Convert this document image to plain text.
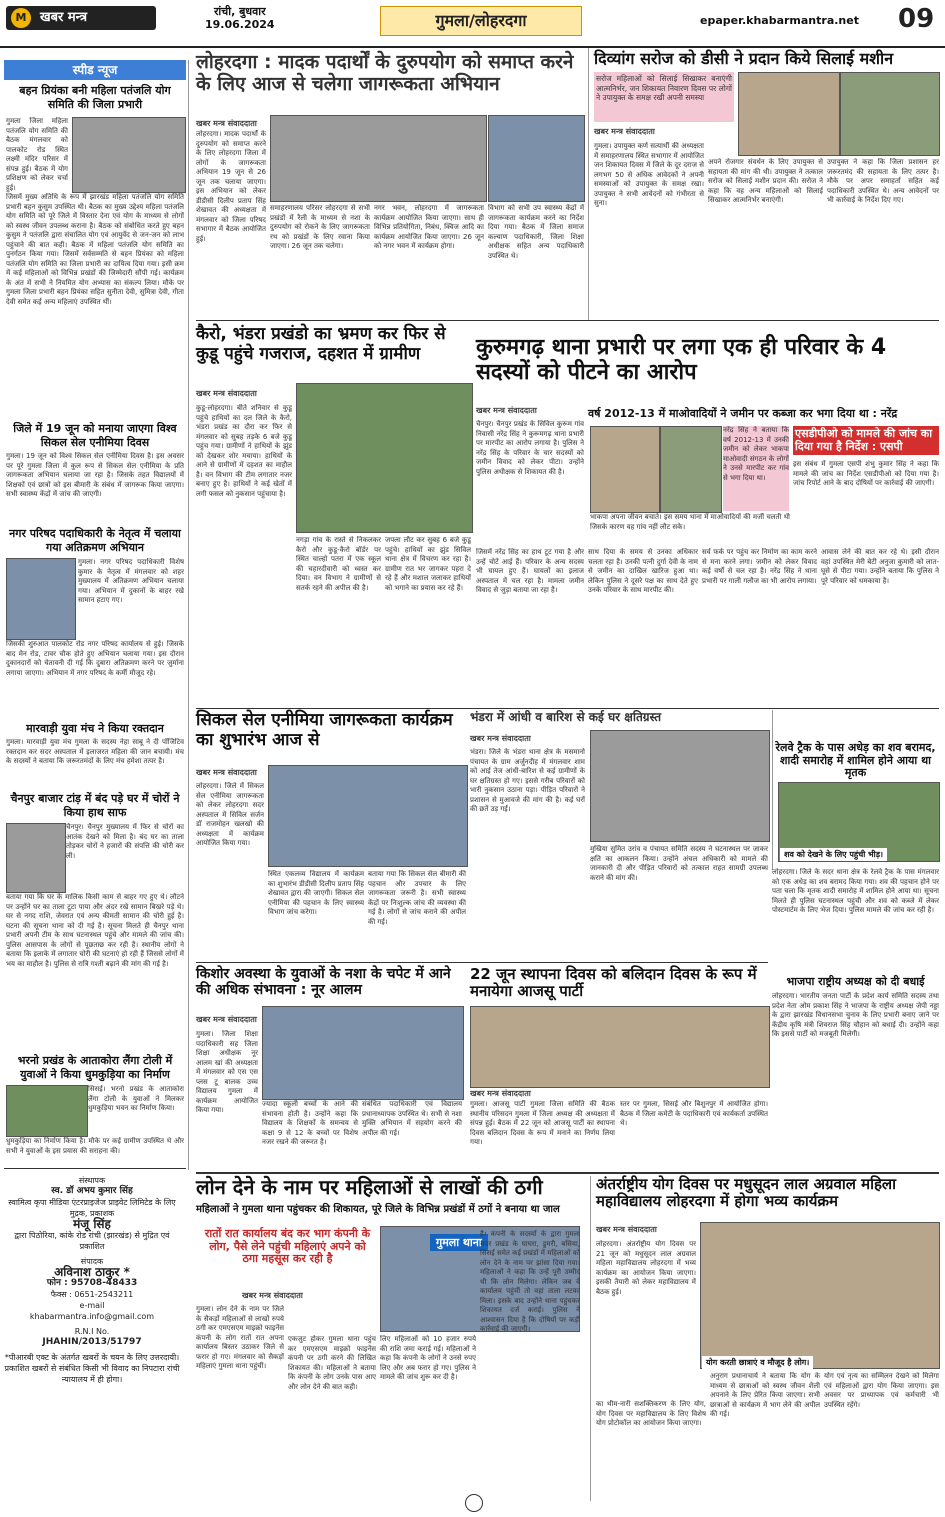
M	खबर मन्त्र	रांची, बुधवार
19.06.2024	गुमला/लोहरदगा	epaper.khabarmantra.net 09
स्पीड न्यूज
बहन प्रियंका बनी महिला पतंजलि योग समिति की जिला प्रभारी
गुमला जिला महिला पतंजलि योग समिति की बैठक मंगलवार को पालकोट रोड स्थित लक्ष्मी मंदिर परिसर में संपन्न हुई। बैठक में योग प्रशिक्षण को लेकर चर्चा हुई।
जिसमें मुख्य अतिथि के रूप में झारखंड महिला पतंजलि योग समिति प्रभारी बहन कुसुम उपस्थित थी। बैठक का मुख्य उद्देश्य महिला पतंजलि योग समिति को पूरे जिले में विस्तार देना एवं योग के माध्यम से लोगों को स्वस्थ जीवन उपलब्ध कराना है। बैठक को संबोधित करते हुए बहन कुसुम ने पतंजलि द्वारा संचालित योग एवं आयुर्वेद से जन-जन को लाभ पहुंचाने की बात कही। बैठक में महिला पतंजलि योग समिति का पुनर्गठन किया गया। जिसमें सर्वसम्मति से बहन प्रियंका को महिला पतंजलि योग समिति का जिला प्रभारी का दायित्व दिया गया। इसी क्रम में कई महिलाओं को विभिन्न प्रखंडों की जिम्मेदारी सौंपी गई। कार्यक्रम के अंत में सभी ने नियमित योग अभ्यास का संकल्प लिया। मौके पर गुमला जिला प्रभारी बहन प्रियंका सहित सुनीता देवी, सुमित्रा देवी, गीता देवी समेत कई अन्य महिलाएं उपस्थित थीं।
जिले में 19 जून को मनाया जाएगा विश्व सिकल सेल एनीमिया दिवस
गुमला। 19 जून को विश्व सिकल सेल एनीमिया दिवस है। इस अवसर पर पूरे गुमला जिला में कुल रूप से सिकल सेल एनीमिया के प्रति जागरूकता अभियान चलाया जा रहा है। जिसके तहत विद्यालयों में शिक्षकों एवं छात्रों को इस बीमारी के संबंध में जागरूक किया जाएगा। सभी स्वास्थ्य केंद्रों में जांच की जाएगी।
नगर परिषद पदाधिकारी के नेतृत्व में चलाया गया अतिक्रमण अभियान
गुमला। नगर परिषद पदाधिकारी विशेष कुमार के नेतृत्व में मंगलवार को शहर मुख्यालय में अतिक्रमण अभियान चलाया गया। अभियान में दुकानों के बाहर रखे सामान हटाए गए।
जिसकी शुरुआत पालकोट रोड नगर परिषद कार्यालय से हुई। जिसके बाद मेन रोड, टावर चौक होते हुए अभियान चलाया गया। इस दौरान दुकानदारों को चेतावनी दी गई कि दुबारा अतिक्रमण करने पर जुर्माना लगाया जाएगा। अभियान में नगर परिषद के कर्मी मौजूद रहे।
मारवाड़ी युवा मंच ने किया रक्तदान
गुमला। मारवाड़ी युवा मंच गुमला के सदस्य नेहा साबू ने दी पॉजिटिव रक्तदान कर सदर अस्पताल में इलाजरत महिला की जान बचायी। मंच के सदस्यों ने बताया कि जरूरतमंदों के लिए मंच हमेशा तत्पर है।
चैनपुर बाजार टांड़ में बंद पड़े घर में चोरों ने किया हाथ साफ
चैनपुर। चैनपुर मुख्यालय में फिर से चोरों का आतंक देखने को मिला है। बंद घर का ताला तोड़कर चोरों ने हजारों की संपत्ति की चोरी कर ली।
बताया गया कि घर के मालिक किसी काम से बाहर गए हुए थे। लौटने पर उन्होंने घर का ताला टूटा पाया और अंदर रखे सामान बिखरे पड़े थे। घर से नगद राशि, जेवरात एवं अन्य कीमती सामान की चोरी हुई है। घटना की सूचना थाना को दी गई है। सूचना मिलते ही चैनपुर थाना प्रभारी अपनी टीम के साथ घटनास्थल पहुंचे और मामले की जांच की। पुलिस आसपास के लोगों से पूछताछ कर रही है। स्थानीय लोगों ने बताया कि इलाके में लगातार चोरी की घटनाएं हो रही हैं जिससे लोगों में भय का माहौल है। पुलिस से रात्रि गश्ती बढ़ाने की मांग की गई है।
भरनो प्रखंड के आताकोरा लैंगा टोली में युवाओं ने किया धुमकुड़िया का निर्माण
सिसई। भरनो प्रखंड के आताकोरा लैंगा टोली के युवाओं ने मिलकर धुमकुड़िया भवन का निर्माण किया।
धुमकुड़िया का निर्माण किया है। मौके पर कई ग्रामीण उपस्थित थे और सभी ने युवाओं के इस प्रयास की सराहना की।
संस्थापक
स्व. डॉ अभय कुमार सिंह
स्वामित्व कृपा मीडिया एंटरप्राइजेज प्राइवेट लिमिटेड के लिए
मुद्रक, प्रकाशक
मंजू सिंह
द्वारा पिठोरिया, कांके रोड रांची (झारखंड) से मुद्रित एवं प्रकाशित
संपादक
अविनाश ठाकुर *
फोन : 95708-48433
फैक्स : 0651-2543211
e-mail
khabarmantra.info@gmail.com
R.N.I No.
JHAHIN/2013/51797
*पीआरबी एक्ट के अंतर्गत खबरों के चयन के लिए उत्तरदायी। प्रकाशित खबरों से संबंधित किसी भी विवाद का निपटारा रांची न्यायालय में ही होगा।
लोहरदगा : मादक पदार्थों के दुरुपयोग को समाप्त करने के लिए आज से चलेगा जागरूकता अभियान
खबर मन्त्र संवाददाता
लोहरदगा। मादक पदार्थों के दुरुपयोग को समाप्त करने के लिए लोहरदगा जिला में लोगों के जागरूकता अभियान 19 जून से 26 जून तक चलाया जाएगा। इस अभियान को लेकर डीडीसी दिलीप प्रताप सिंह शेखावत की अध्यक्षता में मंगलवार को जिला परिषद सभागार में बैठक आयोजित हुई।
समाहरणालय परिसर लोहरदगा से सभी प्रखंडों में रैली के माध्यम से नशा के दुरुपयोग को रोकने के लिए जागरूकता रथ को प्रखंडों के लिए रवाना किया जाएगा। 26 जून तक चलेगा।
नगर भवन, लोहरदगा में जागरूकता कार्यक्रम आयोजित किया जाएगा। साथ ही विभिन्न प्रतियोगिता, निबंध, क्विज आदि का कार्यक्रम आयोजित किया जाएगा। 26 जून को नगर भवन में कार्यक्रम होगा।
विभाग को सभी उप स्वास्थ्य केंद्रों में जागरूकता कार्यक्रम करने का निर्देश दिया गया। बैठक में जिला समाज कल्याण पदाधिकारी, जिला शिक्षा अधीक्षक सहित अन्य पदाधिकारी उपस्थित थे।
दिव्यांग सरोज को डीसी ने प्रदान किये सिलाई मशीन
सरोज महिलाओं को सिलाई सिखाकर बनाएंगी आत्मनिर्भर, जन शिकायत निवारण दिवस पर लोगों ने उपायुक्त के समक्ष रखी अपनी समस्या
खबर मन्त्र संवाददाता
गुमला। उपायुक्त कर्ण सत्यार्थी की अध्यक्षता में समाहरणालय स्थित सभागार में आयोजित जन शिकायत दिवस में जिले के दूर दराज से लगभग 50 से अधिक आवेदकों ने अपनी समस्याओं को उपायुक्त के समक्ष रखा। उपायुक्त ने सभी आवेदनों को गंभीरता से सुना।
अपने रोजगार संवर्धन के लिए उपायुक्त से सहायता की मांग की थी। उपायुक्त ने तत्काल सरोज को सिलाई मशीन प्रदान की। सरोज ने कहा कि वह अन्य महिलाओं को सिलाई सिखाकर आत्मनिर्भर बनाएंगी।
उपायुक्त ने कहा कि जिला प्रशासन हर जरूरतमंद की सहायता के लिए तत्पर है। मौके पर अपर समाहर्ता सहित कई पदाधिकारी उपस्थित थे। अन्य आवेदनों पर भी कार्रवाई के निर्देश दिए गए।
कैरो, भंडरा प्रखंडो का भ्रमण कर फिर से कुडू पहुंचे गजराज, दहशत में ग्रामीण
खबर मन्त्र संवाददाता
कुडू-लोहरदगा। बीते शनिवार से कुडू पहुंचे हाथियों का दल जिले के कैरो, भंडरा प्रखंड का दौरा कर फिर से मंगलवार को सुबह तड़के 6 बजे कुडू पहुंच गया। ग्रामीणों ने हाथियों के झुंड को देखकर शोर मचाया। हाथियों के आने से ग्रामीणों में दहशत का माहौल है। वन विभाग की टीम लगातार नजर बनाए हुए है। हाथियों ने कई खेतों में लगी फसल को नुकसान पहुंचाया है।
नगड़ा गांव के रास्ते से निकलकर कैरो और कुडू-कैरो बॉर्डर पर स्थित चाल्हो पतरा में एक स्कूल की चहारदीवारी को ध्वस्त कर दिया। वन विभाग ने ग्रामीणों से सतर्क रहने की अपील की है।
जपला लौट कर सुबह 6 बजे कुडू पहुंचे। हाथियों का झुंड सिविल थाना क्षेत्र में विचरण कर रहा है। ग्रामीण रात भर जागकर पहरा दे रहे हैं और मशाल जलाकर हाथियों को भगाने का प्रयास कर रहे हैं।
कुरुमगढ़ थाना प्रभारी पर लगा एक ही परिवार के 4 सदस्यों को पीटने का आरोप
खबर मन्त्र संवाददाता	वर्ष 2012-13 में माओवादियों ने जमीन पर कब्जा कर भगा दिया था : नरेंद्र
चैनपुर। चैनपुर प्रखंड के सिविल कुरूम गांव निवासी नरेंद्र सिंह ने कुरूमगढ़ थाना प्रभारी पर मारपीट का आरोप लगाया है। पुलिस ने नरेंद्र सिंह के परिवार के चार सदस्यों को जमीन विवाद को लेकर पीटा। उन्होंने पुलिस अधीक्षक से शिकायत की है।
नरेंद्र सिंह ने बताया कि वर्ष 2012-13 में उनकी जमीन को लेकर भाकपा माओवादी संगठन के लोगों ने उनसे मारपीट कर गांव से भगा दिया था।
एसडीपीओ को मामले की जांच का दिया गया है निर्देश : एसपी
इस संबंध में गुमला एसपी शंभु कुमार सिंह ने कहा कि मामले की जांच का निर्देश एसडीपीओ को दिया गया है। जांच रिपोर्ट आने के बाद दोषियों पर कार्रवाई की जाएगी।
भाकपा अपना जीवन बचाते। इस समय थाना में माओवादियों की मर्जी चलती थी जिसके कारण वह गांव नहीं लौट सके।
जिसमें नरेंद्र सिंह का हाथ टूट गया है और उन्हें चोटें आई हैं। परिवार के अन्य सदस्य भी घायल हुए हैं। घायलों का इलाज अस्पताल में चल रहा है। मामला जमीन विवाद से जुड़ा बताया जा रहा है।
साथ दिया के समय से उनका अधिकार चलता रहा है। उनकी पत्नी दुर्गा देवी के नाम से जमीन का दाखिल खारिज हुआ था। लेकिन पुलिस ने दूसरे पक्ष का साथ देते हुए उनके परिवार के साथ मारपीट की।
सर्व फर्क पर पहुंच कर निर्माण का काम करने से मना करने लगा। जमीन को लेकर विवाद कई वर्षों से चल रहा है। नरेंद्र सिंह ने थाना प्रभारी पर गाली गलौज का भी आरोप लगाया।
आवास लेने की बात कर रहे थे। इसी दौरान वहां उपस्थित मेरी बेटी अनुजा कुमारी को लात-घूसे से पीटा गया। उन्होंने बताया कि पुलिस ने पूरे परिवार को धमकाया है।
सिकल सेल एनीमिया जागरूकता कार्यक्रम का शुभारंभ आज से
खबर मन्त्र संवाददाता
लोहरदगा। जिले में सिकल सेल एनीमिया जागरूकता को लेकर लोहरदगा सदर अस्पताल में सिविल सर्जन डॉ राजमोहन खलखो की अध्यक्षता में कार्यक्रम आयोजित किया गया।
स्थित एकलव्य विद्यालय में कार्यक्रम का शुभारंभ डीडीसी दिलीप प्रताप सिंह शेखावत द्वारा की जाएगी। सिकल सेल एनीमिया की पहचान के लिए स्वास्थ्य विभाग जांच करेगा।
बताया गया कि सिकल सेल बीमारी की पहचान और उपचार के लिए जागरूकता जरूरी है। सभी स्वास्थ्य केंद्रों पर निःशुल्क जांच की व्यवस्था की गई है। लोगों से जांच कराने की अपील की गई।
भंडरा में आंधी व बारिश से कई घर क्षतिग्रस्त
खबर मन्त्र संवाददाता
भंडरा। जिले के भंडरा थाना क्षेत्र के मसमानो पंचायत के ग्राम अर्जुनदीह में मंगलवार शाम को आई तेज आंधी-बारिश से कई ग्रामीणों के घर क्षतिग्रस्त हो गए। इससे गरीब परिवारों को भारी नुकसान उठाना पड़ा। पीड़ित परिवारों ने प्रशासन से मुआवजे की मांग की है। कई घरों की छतें उड़ गईं।
मुखिया सुमित उरांव व पंचायत समिति सदस्य ने घटनास्थल पर जाकर क्षति का आकलन किया। उन्होंने अंचल अधिकारी को मामले की जानकारी दी और पीड़ित परिवारों को तत्काल राहत सामग्री उपलब्ध कराने की मांग की।
रेलवे ट्रैक के पास अधेड़ का शव बरामद, शादी समारोह में शामिल होने आया था मृतक
शव को देखने के लिए पहुंची भीड़।
लोहरदगा। जिले के सदर थाना क्षेत्र के रेलवे ट्रैक के पास मंगलवार को एक अधेड़ का शव बरामद किया गया। शव की पहचान होने पर पता चला कि मृतक शादी समारोह में शामिल होने आया था। सूचना मिलते ही पुलिस घटनास्थल पहुंची और शव को कब्जे में लेकर पोस्टमार्टम के लिए भेज दिया। पुलिस मामले की जांच कर रही है।
भाजपा राष्ट्रीय अध्यक्ष को दी बधाई
लोहरदगा। भारतीय जनता पार्टी के प्रदेश कार्य समिति सदस्य तथा प्रदेश नेता ओम प्रकाश सिंह ने भाजपा के राष्ट्रीय अध्यक्ष जेपी नड्डा के द्वारा झारखंड विधानसभा चुनाव के लिए प्रभारी बनाए जाने पर केंद्रीय कृषि मंत्री शिवराज सिंह चौहान को बधाई दी। उन्होंने कहा कि इससे पार्टी को मजबूती मिलेगी।
किशोर अवस्था के युवाओं के नशा के चपेट में आने की अधिक संभावना : नूर आलम
खबर मन्त्र संवाददाता
गुमला। जिला शिक्षा पदाधिकारी सह जिला शिक्षा अधीक्षक नूर आलम खां की अध्यक्षता में मंगलवार को एस एस प्लस टू बालक उच्च विद्यालय गुमला में कार्यक्रम आयोजित किया गया।
ज्यादा स्कूली बच्चों के आने की संभावना होती है। उन्होंने कहा कि विद्यालय के शिक्षकों के समन्वय से कक्षा 9 से 12 के बच्चों पर विशेष नजर रखने की जरूरत है।
संबंधित पदाधिकारी एवं विद्यालय प्रधानाध्यापक उपस्थित थे। सभी से नशा मुक्ति अभियान में सहयोग करने की अपील की गई।
22 जून स्थापना दिवस को बलिदान दिवस के रूप में मनायेगा आजसू पार्टी
खबर मन्त्र संवाददाता
गुमला। आजसू पार्टी गुमला जिला समिति की बैठक स्थानीय परिसदन गुमला में जिला अध्यक्ष की अध्यक्षता में संपन्न हुई। बैठक में 22 जून को आजसू पार्टी का स्थापना दिवस बलिदान दिवस के रूप में मनाने का निर्णय लिया गया।
स्तर पर गुमला, सिसई और बिशुनपुर में आयोजित होगा। बैठक में जिला कमेटी के पदाधिकारी एवं कार्यकर्ता उपस्थित थे।
लोन देने के नाम पर महिलाओं से लाखों की ठगी
महिलाओं ने गुमला थाना पहुंचकर की शिकायत, पूरे जिले के विभिन्न प्रखंडों में ठगों ने बनाया था जाल
रातों रात कार्यालय बंद कर भाग कंपनी के लोग, पैसे लेने पहुंची महिलाएं अपने को ठगा महसूस कर रही है
गुमला थाना
खबर मन्त्र संवाददाता
गुमला। लोन देने के नाम पर जिले के सैकड़ों महिलाओं से लाखों रुपये ठगी कर एमएसएम माइक्रो फाइनेंस कंपनी के लोग रातों रात अपना कार्यालय बिस्तर उठाकर जिले से फरार हो गए। मंगलवार को सैकड़ों महिलाएं गुमला थाना पहुंचीं।
एकजुट होकर गुमला थाना पहुंच कर एमएसएम माइक्रो फाइनेंस कंपनी पर ठगी करने की लिखित शिकायत की। महिलाओं ने बताया कि कंपनी के लोग उनके पास आए और लोन देने की बात कही।
लिए महिलाओं को 10 हजार रुपये की राशि जमा कराई गई। महिलाओं ने कहा कि कंपनी के लोगों ने उनसे रुपए लिए और अब फरार हो गए। पुलिस ने मामले की जांच शुरू कर दी है।
है। कंपनी के सदस्यों के द्वारा गुमला सदर प्रखंड के घाघरा, डुमरी, बसिया, सिसई समेत कई प्रखंडों में महिलाओं को लोन देने के नाम पर झांसा दिया गया। महिलाओं ने कहा कि उन्हें पूरी उम्मीद थी कि लोन मिलेगा। लेकिन जब वे कार्यालय पहुंचीं तो वहां ताला लटका मिला। इसके बाद उन्होंने थाना पहुंचकर शिकायत दर्ज कराई। पुलिस ने आश्वासन दिया है कि दोषियों पर कड़ी कार्रवाई की जाएगी।
अंतर्राष्ट्रीय योग दिवस पर मधुसूदन लाल अग्रवाल महिला महाविद्यालय लोहरदगा में होगा भव्य कार्यक्रम
खबर मन्त्र संवाददाता
लोहरदगा। अंतर्राष्ट्रीय योग दिवस पर 21 जून को मधुसूदन लाल अग्रवाल महिला महाविद्यालय लोहरदगा में भव्य कार्यक्रम का आयोजन किया जाएगा। इसकी तैयारी को लेकर महाविद्यालय में बैठक हुई।
योग करती छात्राएं व मौजूद है लोग।
का थीम-नारी सशक्तिकरण के लिए योग, योग दिवस पर महाविद्यालय के लिए विशेष योग प्रोटोकॉल का आयोजन किया जाएगा।
अनुराग प्रधानाचार्य ने बताया कि योग के माध्यम से छात्राओं को स्वस्थ जीवन शैली अपनाने के लिए प्रेरित किया जाएगा। सभी छात्राओं से कार्यक्रम में भाग लेने की अपील की गई।
योग एवं नृत्य का सम्मिलन देखने को मिलेगा एवं महिलाओं द्वारा योग किया जाएगा। इस अवसर पर प्राध्यापक एवं कर्मचारी भी उपस्थित रहेंगे।
